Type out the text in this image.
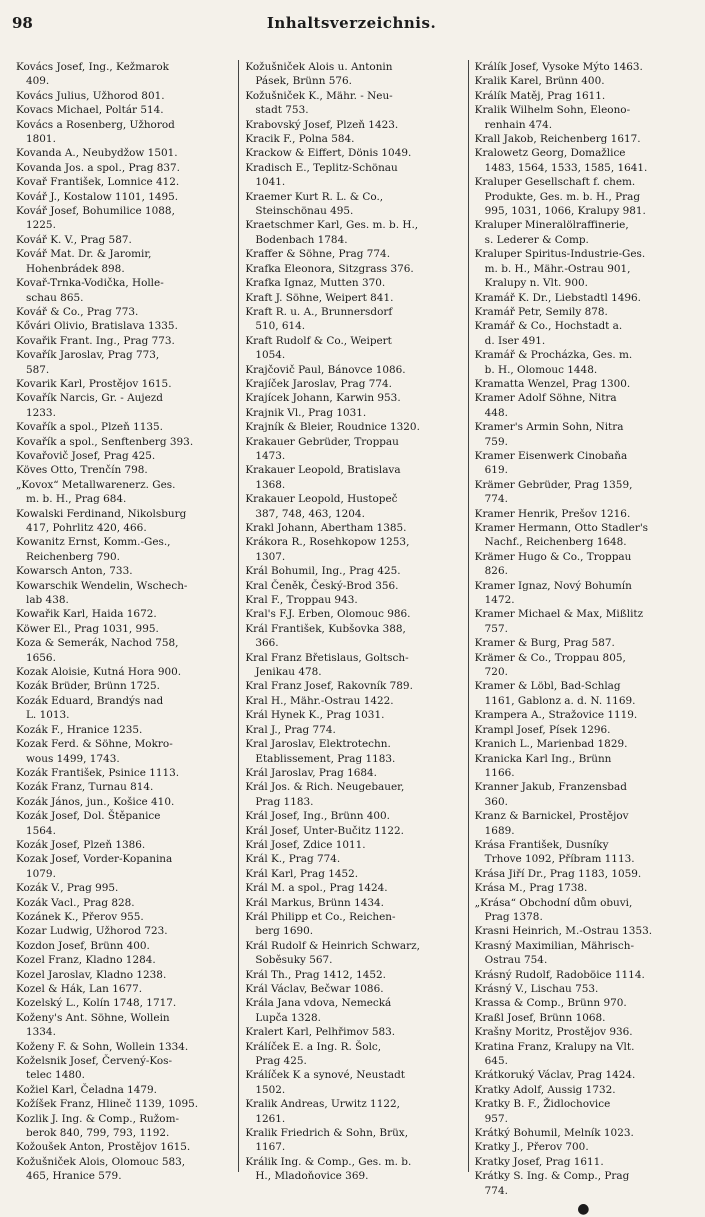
98	Inhaltsverzeichnis.

Kovács Josef, Ing., Kežmarok
409.

Kovács Julius, Užhorod 801.

Kovacs Michael, Poltár 514.

Kovács a Rosenberg, Užhorod
1801.

Kovanda A., Neubydžow 1501.

Kovanda Jos. a spol., Prag 837.

Kovař František, Lomnice 412.

Kovář J., Kostalow 1101, 1495.

Kovář Josef, Bohumilice 1088,
1225.

Kovář K. V., Prag 587.

Kovář Mat. Dr. & Jaromir,
Hohenbrádek 898.

Kovař-Trnka-Vodička, Holle-
schau 865.

Kovář & Co., Prag 773.

Kővári Olivio, Bratislava 1335.

Kovařik Frant. Ing., Prag 773.

Kovařík Jaroslav, Prag 773,
587.

Kovarik Karl, Prostějov 1615.

Kovařík Narcis, Gr. - Aujezd
1233.

Kovařík a spol., Plzeň 1135.

Kovařík a spol., Senftenberg 393.

Kovařovič Josef, Prag 425.

Köves Otto, Trenčín 798.

„Kovox“ Metallwarenerz. Ges.
m. b. H., Prag 684.

Kowalski Ferdinand, Nikolsburg
417, Pohrlitz 420, 466.

Kowanitz Ernst, Komm.-Ges.,
Reichenberg 790.

Kowarsch Anton, 733.

Kowarschik Wendelin, Wschech-
lab 438.

Kowařik Karl, Haida 1672.

Köwer El., Prag 1031, 995.

Koza & Semerák, Nachod 758,
1656.

Kozak Aloisie, Kutná Hora 900.

Kozák Brüder, Brünn 1725.

Kozák Eduard, Brandýs nad
L. 1013.

Kozák F., Hranice 1235.

Kozak Ferd. & Söhne, Mokro-
wous 1499, 1743.

Kozák František, Psinice 1113.

Kozák Franz, Turnau 814.

Kozák János, jun., Košice 410.

Kozák Josef, Dol. Štěpanice
1564.

Kozák Josef, Plzeň 1386.

Kozak Josef, Vorder-Kopanina
1079.

Kozák V., Prag 995.

Kozák Vacl., Prag 828.

Kozánek K., Přerov 955.

Kozar Ludwig, Užhorod 723.

Kozdon Josef, Brünn 400.

Kozel Franz, Kladno 1284.

Kozel Jaroslav, Kladno 1238.

Kozel & Hák, Lan 1677.

Kozelský L., Kolín 1748, 1717.

Koženy's Ant. Söhne, Wollein
1334.

Koženy F. & Sohn, Wollein 1334.

Koželsnik Josef, Červený-Kos-
telec 1480.

Kožiel Karl, Čeladna 1479.

Kožíšek Franz, Hlineč 1139, 1095.

Kozlik J. Ing. & Comp., Ružom-
berok 840, 799, 793, 1192.

Kožoušek Anton, Prostějov 1615.

Kožušniček Alois, Olomouc 583,
465, Hranice 579.

Kožušniček Alois u. Antonin
Pásek, Brünn 576.

Kožušniček K., Mähr. - Neu-
stadt 753.

Krabovský Josef, Plzeň 1423.

Kracik F., Polna 584.

Krackow & Eiffert, Dönis 1049.

Kradisch E., Teplitz-Schönau
1041.

Kraemer Kurt R. L. & Co.,
Steinschönau 495.

Kraetschmer Karl, Ges. m. b. H.,
Bodenbach 1784.

Kraffer & Söhne, Prag 774.

Krafka Eleonora, Sitzgrass 376.

Krafka Ignaz, Mutten 370.

Kraft J. Söhne, Weipert 841.

Kraft R. u. A., Brunnersdorf
510, 614.

Kraft Rudolf & Co., Weipert
1054.

Krajčovič Paul, Bánovce 1086.

Krajíček Jaroslav, Prag 774.

Krajícek Johann, Karwin 953.

Krajnik Vl., Prag 1031.

Krajník & Bleier, Roudnice 1320.

Krakauer Gebrüder, Troppau
1473.

Krakauer Leopold, Bratislava
1368.

Krakauer Leopold, Hustopeč
387, 748, 463, 1204.

Krakl Johann, Abertham 1385.

Krákora R., Rosehkopow 1253,
1307.

Král Bohumil, Ing., Prag 425.

Kral Čeněk, Český-Brod 356.

Kral F., Troppau 943.

Kral's F.J. Erben, Olomouc 986.

Král František, Kubšovka 388,
366.

Kral Franz Břetislaus, Goltsch-
Jenikau 478.

Kral Franz Josef, Rakovník 789.

Kral H., Mähr.-Ostrau 1422.

Král Hynek K., Prag 1031.

Kral J., Prag 774.

Kral Jaroslav, Elektrotechn.
Etablissement, Prag 1183.

Král Jaroslav, Prag 1684.

Král Jos. & Rich. Neugebauer,
Prag 1183.

Král Josef, Ing., Brünn 400.

Král Josef, Unter-Bučitz 1122.

Král Josef, Zdice 1011.

Král K., Prag 774.

Král Karl, Prag 1452.

Král M. a spol., Prag 1424.

Král Markus, Brünn 1434.

Král Philipp et Co., Reichen-
berg 1690.

Král Rudolf & Heinrich Schwarz,
Soběsuky 567.

Král Th., Prag 1412, 1452.

Král Václav, Bečwar 1086.

Krála Jana vdova, Nemecká
Lupča 1328.

Kralert Karl, Pelhřimov 583.

Králíček E. a Ing. R. Šolc,
Prag 425.

Králíček K a synové, Neustadt
1502.

Kralik Andreas, Urwitz 1122,
1261.

Kralik Friedrich & Sohn, Brüx,
1167.

Králik Ing. & Comp., Ges. m. b.
H., Mladoňovice 369.

Králík Josef, Vysoke Mýto 1463.

Kralik Karel, Brünn 400.

Králík Matěj, Prag 1611.

Kralik Wilhelm Sohn, Eleono-
renhain 474.

Krall Jakob, Reichenberg 1617.

Kralowetz Georg, Domažlice
1483, 1564, 1533, 1585, 1641.

Kraluper Gesellschaft f. chem.
Produkte, Ges. m. b. H., Prag
995, 1031, 1066, Kralupy 981.

Kraluper Mineralölraffinerie,
s. Lederer & Comp.

Kraluper Spiritus-Industrie-Ges.
m. b. H., Mähr.-Ostrau 901,
Kralupy n. Vlt. 900.

Kramář K. Dr., Liebstadtl 1496.

Kramář Petr, Semily 878.

Kramář & Co., Hochstadt a.
d. Iser 491.

Kramář & Procházka, Ges. m.
b. H., Olomouc 1448.

Kramatta Wenzel, Prag 1300.

Kramer Adolf Söhne, Nitra
448.

Kramer's Armin Sohn, Nitra
759.

Kramer Eisenwerk Cinobaňa
619.

Krämer Gebrüder, Prag 1359,
774.

Kramer Henrik, Prešov 1216.

Kramer Hermann, Otto Stadler's
Nachf., Reichenberg 1648.

Krämer Hugo & Co., Troppau
826.

Kramer Ignaz, Nový Bohumín
1472.

Kramer Michael & Max, Mißlitz
757.

Kramer & Burg, Prag 587.

Krämer & Co., Troppau 805,
720.

Kramer & Löbl, Bad-Schlag
1161, Gablonz a. d. N. 1169.

Krampera A., Stražovice 1119.

Krampl Josef, Písek 1296.

Kranich L., Marienbad 1829.

Kranicka Karl Ing., Brünn
1166.

Kranner Jakub, Franzensbad
360.

Kranz & Barnickel, Prostějov
1689.

Krása František, Dusníky
Trhove 1092, Příbram 1113.

Krása Jiří Dr., Prag 1183, 1059.

Krása M., Prag 1738.

„Krása“ Obchodní dům obuvi,
Prag 1378.

Krasni Heinrich, M.-Ostrau 1353.

Krasný Maximilian, Mährisch-
Ostrau 754.

Krásný Rudolf, Radoböice 1114.

Krásný V., Lischau 753.

Krassa & Comp., Brünn 970.

Kraßl Josef, Brünn 1068.

Krašny Moritz, Prostějov 936.

Kratina Franz, Kralupy na Vlt.
645.

Krátkoruký Václav, Prag 1424.

Kratky Adolf, Aussig 1732.

Kratky B. F., Židlochovice
957.

Krátký Bohumil, Melník 1023.

Kratky J., Přerov 700.

Kratky Josef, Prag 1611.

Krátky S. Ing. & Comp., Prag
774.

●
